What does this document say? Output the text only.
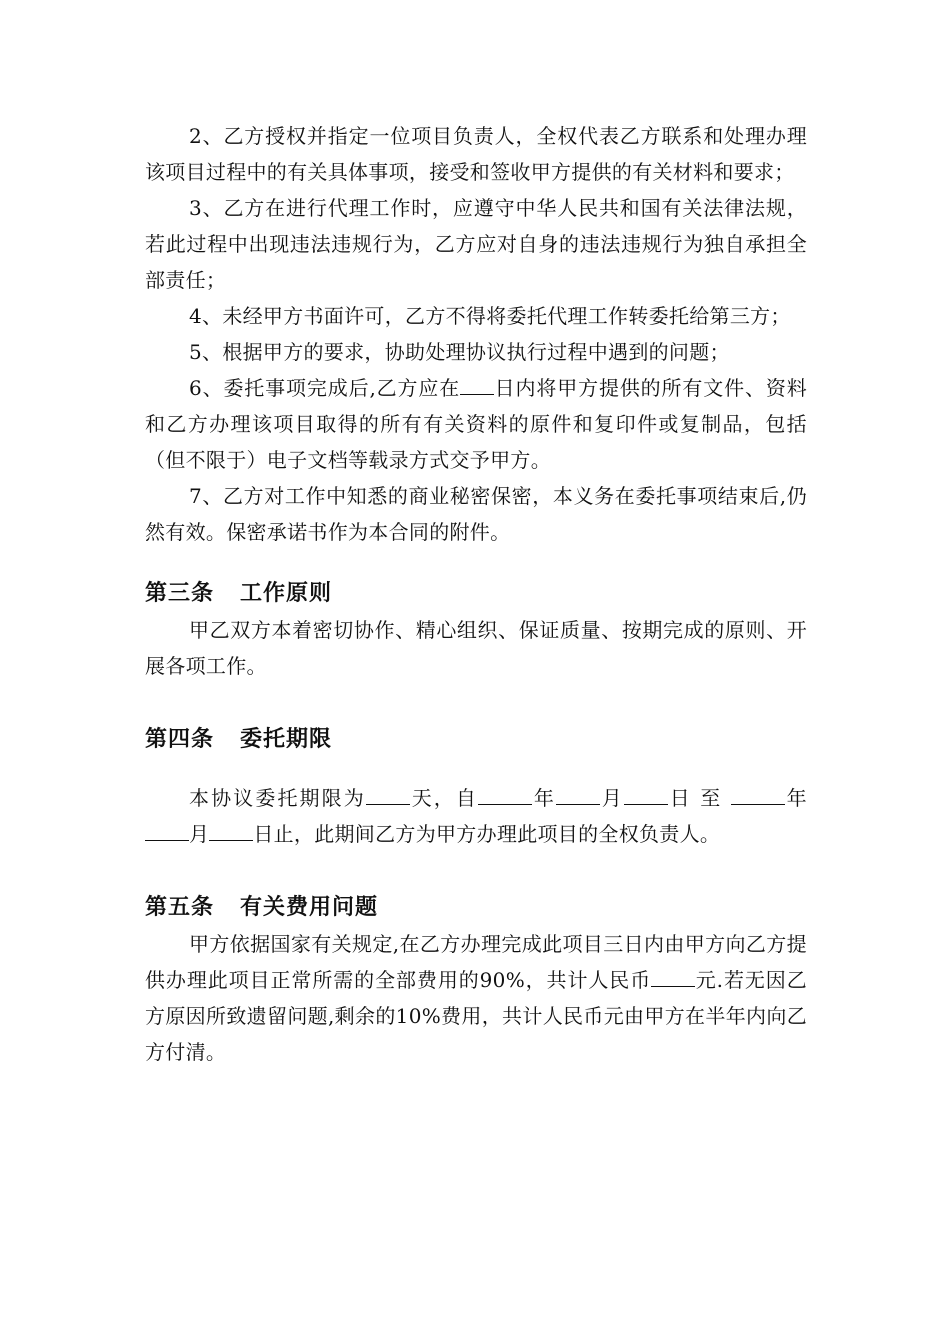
2、乙方授权并指定一位项目负责人，全权代表乙方联系和处理办理该项目过程中的有关具体事项，接受和签收甲方提供的有关材料和要求；

3、乙方在进行代理工作时，应遵守中华人民共和国有关法律法规，若此过程中出现违法违规行为，乙方应对自身的违法违规行为独自承担全部责任；

4、未经甲方书面许可，乙方不得将委托代理工作转委托给第三方；

5、根据甲方的要求，协助处理协议执行过程中遇到的问题；

6、委托事项完成后,乙方应在 日内将甲方提供的所有文件、资料和乙方办理该项目取得的所有有关资料的原件和复印件或复制品，包括（但不限于）电子文档等载录方式交予甲方。

7、乙方对工作中知悉的商业秘密保密，本义务在委托事项结束后,仍然有效。保密承诺书作为本合同的附件。

第三条 工作原则

甲乙双方本着密切协作、精心组织、保证质量、按期完成的原则、开展各项工作。

第四条 委托期限

本协议委托期限为 天，自	年 月 日 至	年月 日止，此期间乙方为甲方办理此项目的全权负责人。

第五条 有关费用问题

甲方依据国家有关规定,在乙方办理完成此项目三日内由甲方向乙方提供办理此项目正常所需的全部费用的90%，共计人民币 元.若无因乙方原因所致遗留问题,剩余的10%费用，共计人民币元由甲方在半年内向乙方付清。
